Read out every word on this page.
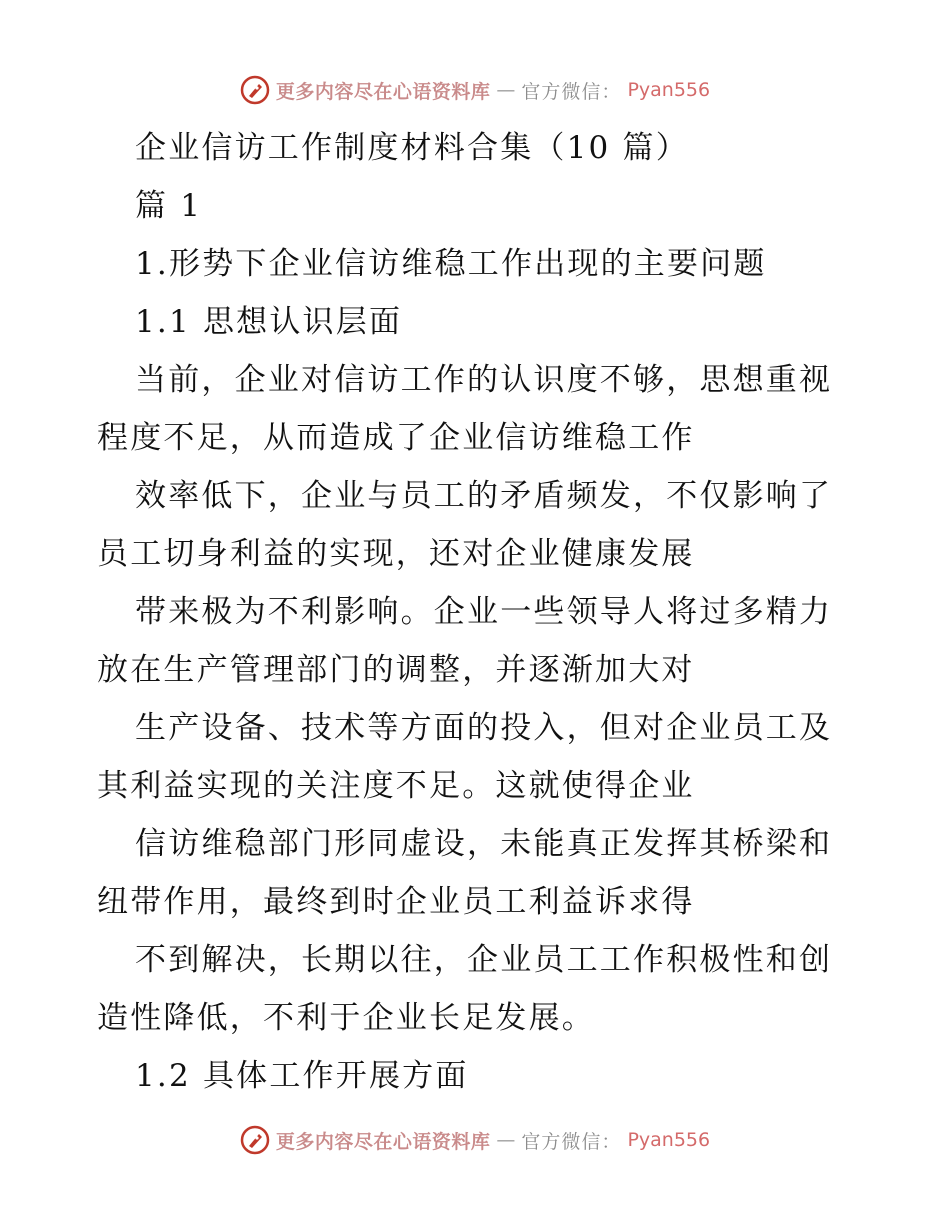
更多内容尽在心语资料库 — 官方微信： Pyan556
企业信访工作制度材料合集（10 篇）
篇 1
1.形势下企业信访维稳工作出现的主要问题
1.1 思想认识层面
当前，企业对信访工作的认识度不够，思想重视
程度不足，从而造成了企业信访维稳工作
效率低下，企业与员工的矛盾频发，不仅影响了
员工切身利益的实现，还对企业健康发展
带来极为不利影响。企业一些领导人将过多精力
放在生产管理部门的调整，并逐渐加大对
生产设备、技术等方面的投入，但对企业员工及
其利益实现的关注度不足。这就使得企业
信访维稳部门形同虚设，未能真正发挥其桥梁和
纽带作用，最终到时企业员工利益诉求得
不到解决，长期以往，企业员工工作积极性和创
造性降低，不利于企业长足发展。
1.2 具体工作开展方面
更多内容尽在心语资料库 — 官方微信： Pyan556
